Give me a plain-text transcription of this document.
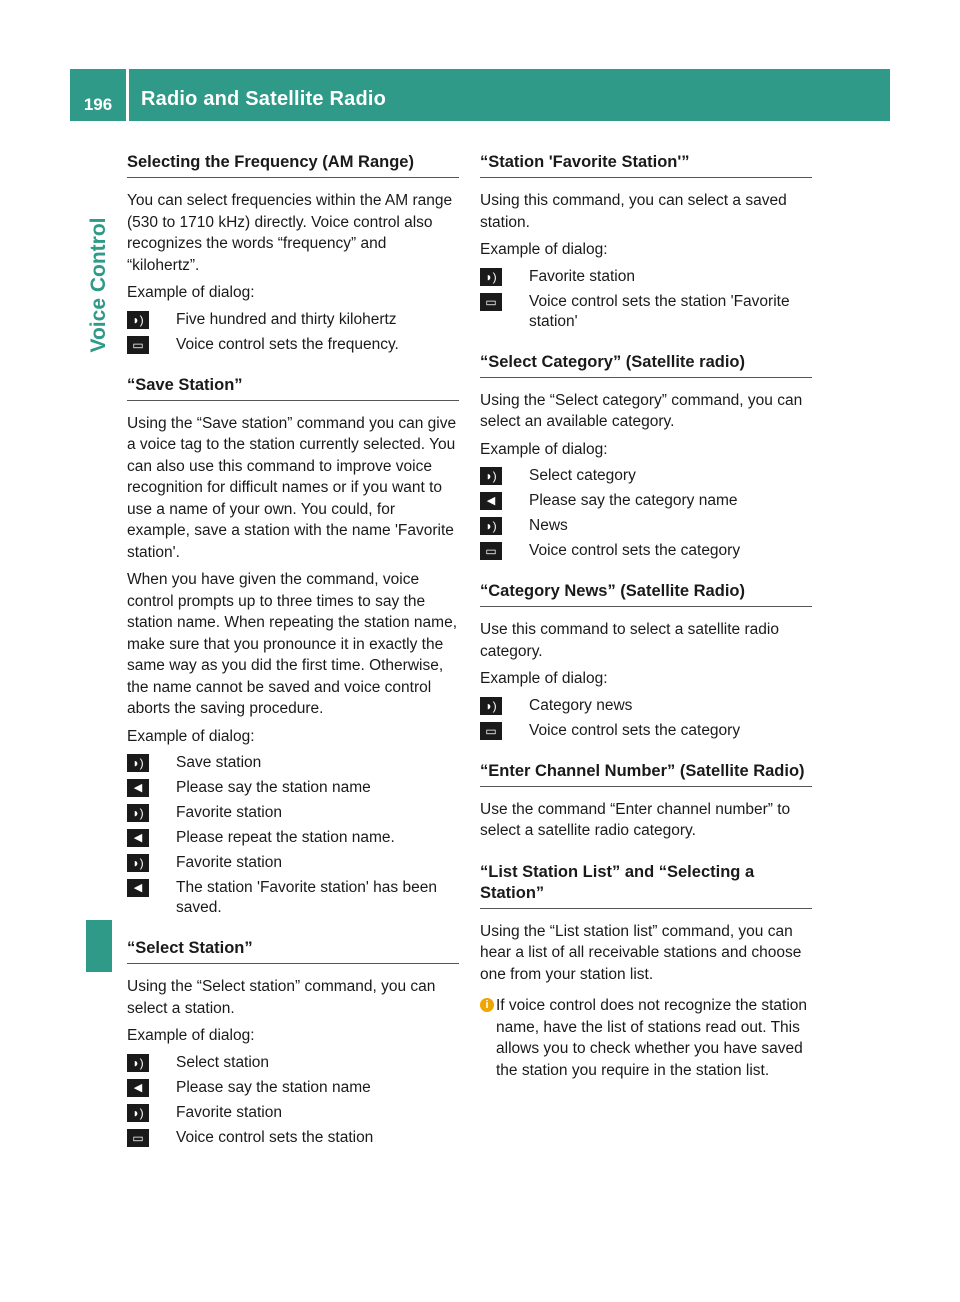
196	Radio and Satellite Radio
Voice Control
Selecting the Frequency (AM Range)

You can select frequencies within the AM range (530 to 1710 kHz) directly. Voice control also recognizes the words “frequency” and “kilohertz”.

Example of dialog:

◗)	Five hundred and thirty kilohertz
▭	Voice control sets the frequency.
“Save Station”

Using the “Save station” command you can give a voice tag to the station currently selected. You can also use this command to improve voice recognition for difficult names or if you want to use a name of your own. You could, for example, save a station with the name 'Favorite station'.

When you have given the command, voice control prompts up to three times to say the station name. When repeating the station name, make sure that you pronounce it in exactly the same way as you did the first time. Otherwise, the name cannot be saved and voice control aborts the saving procedure.

Example of dialog:

◗)	Save station
◀	Please say the station name
◗)	Favorite station
◀	Please repeat the station name.
◗)	Favorite station
◀	The station 'Favorite station' has been saved.
“Select Station”

Using the “Select station” command, you can select a station.

Example of dialog:

◗)	Select station
◀	Please say the station name
◗)	Favorite station
▭	Voice control sets the station
“Station 'Favorite Station'”

Using this command, you can select a saved station.

Example of dialog:

◗)	Favorite station
▭	Voice control sets the station 'Favorite station'
“Select Category” (Satellite radio)

Using the “Select category” command, you can select an available category.

Example of dialog:

◗)	Select category
◀	Please say the category name
◗)	News
▭	Voice control sets the category
“Category News” (Satellite Radio)

Use this command to select a satellite radio category.

Example of dialog:

◗)	Category news
▭	Voice control sets the category
“Enter Channel Number” (Satellite Radio)

Use the command “Enter channel number” to select a satellite radio category.

“List Station List” and “Selecting a Station”

Using the “List station list” command, you can hear a list of all receivable stations and choose one from your station list.

i If voice control does not recognize the station name, have the list of stations read out. This allows you to check whether you have saved the station you require in the station list.
